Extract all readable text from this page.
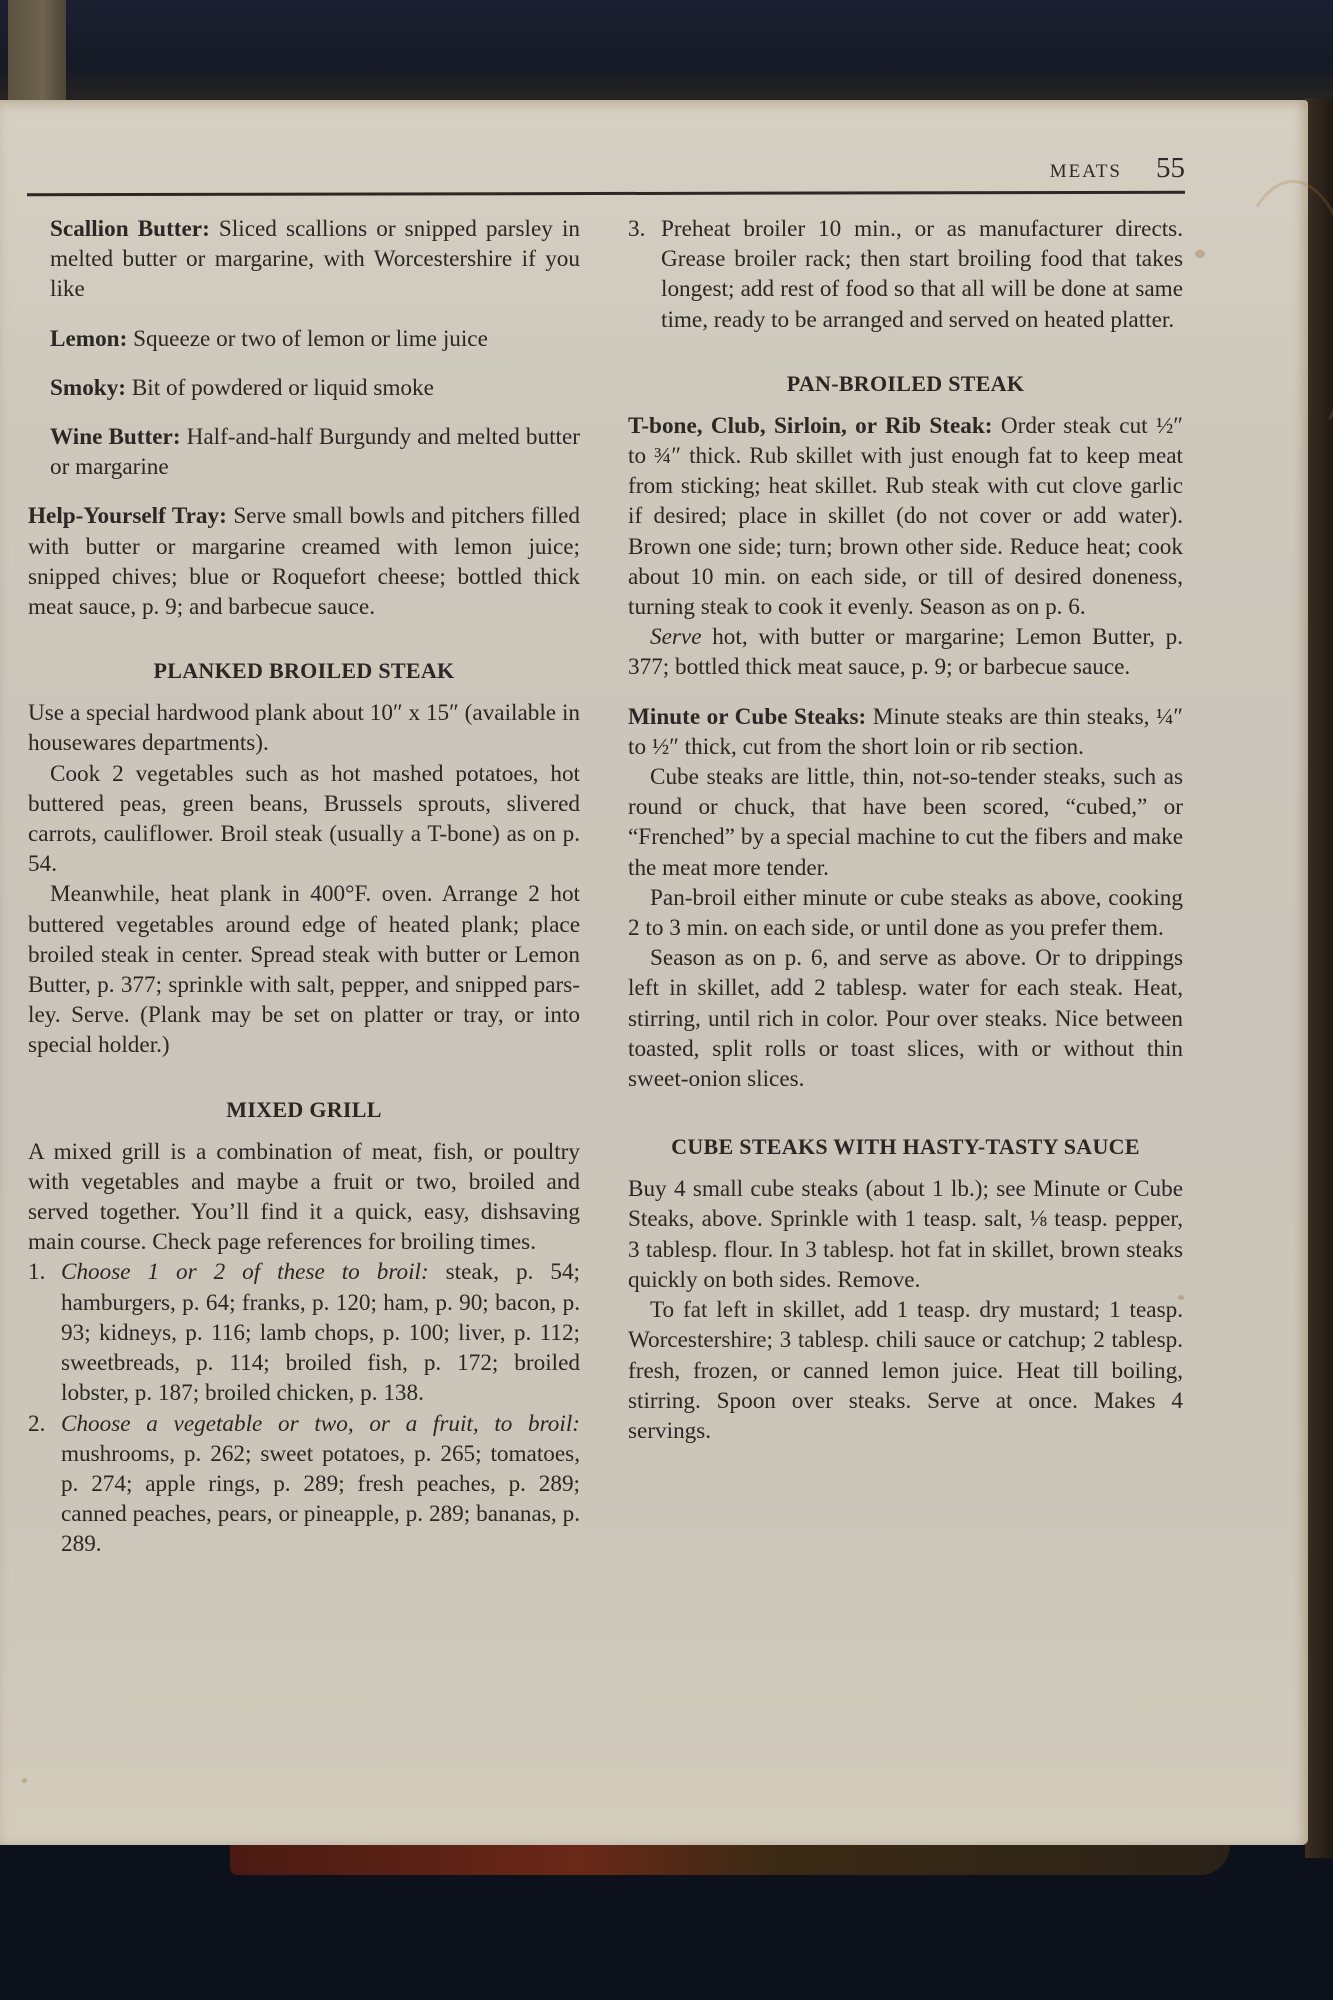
MEATS 55

Scallion Butter: Sliced scallions or snipped parsley in melted butter or margarine, with Worcestershire if you like

Lemon: Squeeze or two of lemon or lime juice

Smoky: Bit of powdered or liquid smoke

Wine Butter: Half-and-half Burgundy and melted butter or margarine

Help-Yourself Tray: Serve small bowls and pitchers filled with butter or margarine creamed with lemon juice; snipped chives; blue or Roquefort cheese; bottled thick meat sauce, p. 9; and barbecue sauce.

PLANKED BROILED STEAK

Use a special hardwood plank about 10″ x 15″ (available in housewares departments).

Cook 2 vegetables such as hot mashed potatoes, hot buttered peas, green beans, Brussels sprouts, slivered carrots, cauliflower. Broil steak (usually a T-bone) as on p. 54.

Meanwhile, heat plank in 400°F. oven. Arrange 2 hot buttered vegetables around edge of heated plank; place broiled steak in center. Spread steak with butter or Lemon Butter, p. 377; sprinkle with salt, pepper, and snipped parsley. Serve. (Plank may be set on platter or tray, or into special holder.)

MIXED GRILL

A mixed grill is a combination of meat, fish, or poultry with vegetables and maybe a fruit or two, broiled and served together. You’ll find it a quick, easy, dishsaving main course. Check page references for broiling times.

1. Choose 1 or 2 of these to broil: steak, p. 54; hamburgers, p. 64; franks, p. 120; ham, p. 90; bacon, p. 93; kidneys, p. 116; lamb chops, p. 100; liver, p. 112; sweetbreads, p. 114; broiled fish, p. 172; broiled lobster, p. 187; broiled chicken, p. 138.
2. Choose a vegetable or two, or a fruit, to broil: mushrooms, p. 262; sweet potatoes, p. 265; tomatoes, p. 274; apple rings, p. 289; fresh peaches, p. 289; canned peaches, pears, or pineapple, p. 289; bananas, p. 289.
3. Preheat broiler 10 min., or as manufacturer directs. Grease broiler rack; then start broiling food that takes longest; add rest of food so that all will be done at same time, ready to be arranged and served on heated platter.
PAN-BROILED STEAK

T-bone, Club, Sirloin, or Rib Steak: Order steak cut ½″ to ¾″ thick. Rub skillet with just enough fat to keep meat from sticking; heat skillet. Rub steak with cut clove garlic if desired; place in skillet (do not cover or add water). Brown one side; turn; brown other side. Reduce heat; cook about 10 min. on each side, or till of desired doneness, turning steak to cook it evenly. Season as on p. 6.

Serve hot, with butter or margarine; Lemon Butter, p. 377; bottled thick meat sauce, p. 9; or barbecue sauce.

Minute or Cube Steaks: Minute steaks are thin steaks, ¼″ to ½″ thick, cut from the short loin or rib section.

Cube steaks are little, thin, not-so-tender steaks, such as round or chuck, that have been scored, “cubed,” or “Frenched” by a special machine to cut the fibers and make the meat more tender.

Pan-broil either minute or cube steaks as above, cooking 2 to 3 min. on each side, or until done as you prefer them.

Season as on p. 6, and serve as above. Or to drippings left in skillet, add 2 tablesp. water for each steak. Heat, stirring, until rich in color. Pour over steaks. Nice between toasted, split rolls or toast slices, with or without thin sweet-onion slices.

CUBE STEAKS WITH HASTY-TASTY SAUCE

Buy 4 small cube steaks (about 1 lb.); see Minute or Cube Steaks, above. Sprinkle with 1 teasp. salt, ⅛ teasp. pepper, 3 tablesp. flour. In 3 tablesp. hot fat in skillet, brown steaks quickly on both sides. Remove.

To fat left in skillet, add 1 teasp. dry mustard; 1 teasp. Worcestershire; 3 tablesp. chili sauce or catchup; 2 tablesp. fresh, frozen, or canned lemon juice. Heat till boiling, stirring. Spoon over steaks. Serve at once. Makes 4 servings.
